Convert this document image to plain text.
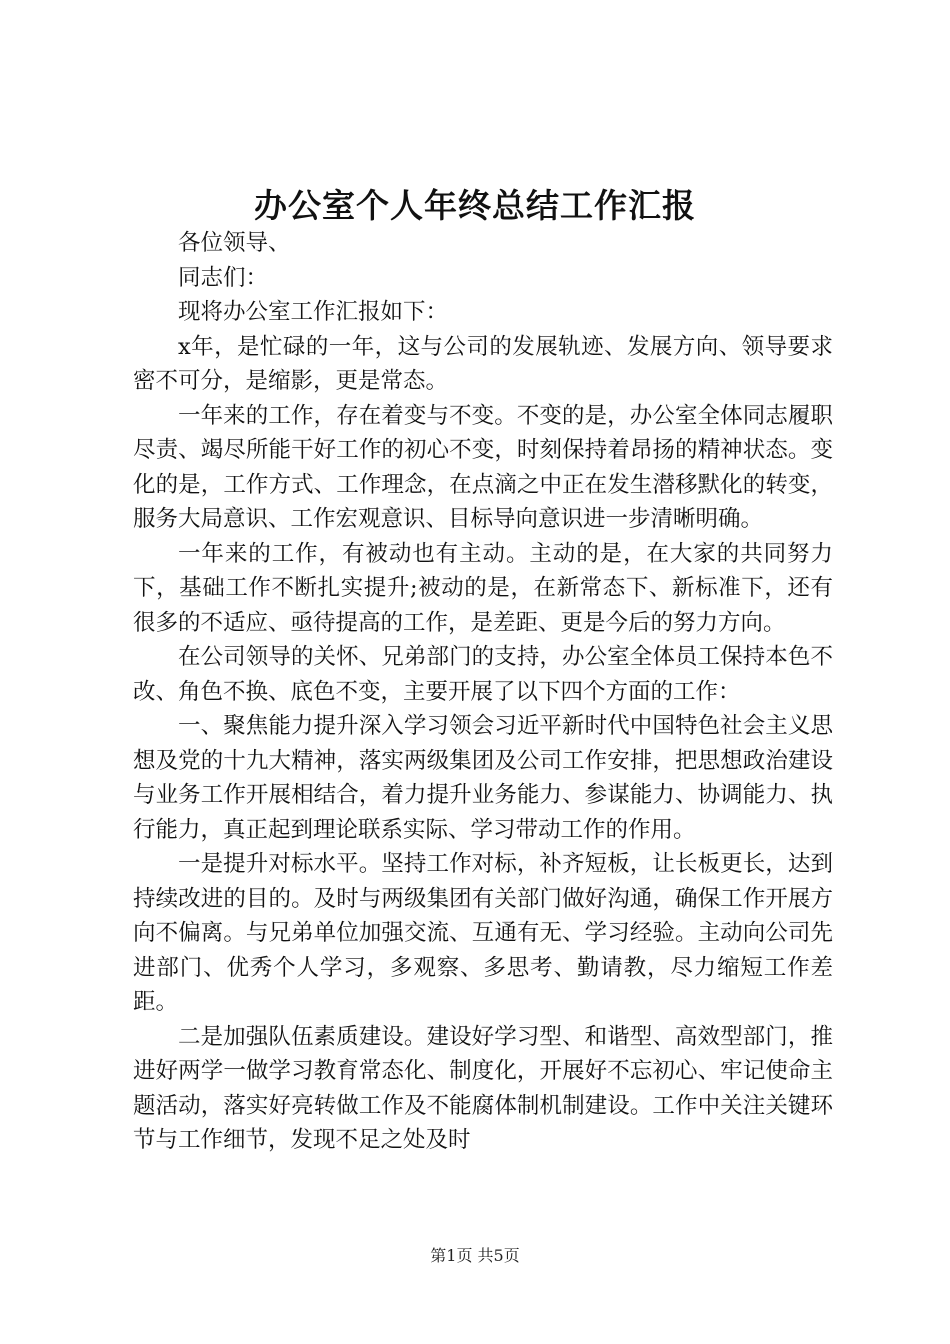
办公室个人年终总结工作汇报

各位领导、

同志们：

现将办公室工作汇报如下：

x年，是忙碌的一年，这与公司的发展轨迹、发展方向、领导要求密不可分，是缩影，更是常态。

一年来的工作，存在着变与不变。不变的是，办公室全体同志履职尽责、竭尽所能干好工作的初心不变，时刻保持着昂扬的精神状态。变化的是，工作方式、工作理念，在点滴之中正在发生潜移默化的转变，服务大局意识、工作宏观意识、目标导向意识进一步清晰明确。

一年来的工作，有被动也有主动。主动的是，在大家的共同努力下，基础工作不断扎实提升;被动的是，在新常态下、新标准下，还有很多的不适应、亟待提高的工作，是差距、更是今后的努力方向。

在公司领导的关怀、兄弟部门的支持，办公室全体员工保持本色不改、角色不换、底色不变，主要开展了以下四个方面的工作：

一、聚焦能力提升深入学习领会习近平新时代中国特色社会主义思想及党的十九大精神，落实两级集团及公司工作安排，把思想政治建设与业务工作开展相结合，着力提升业务能力、参谋能力、协调能力、执行能力，真正起到理论联系实际、学习带动工作的作用。

一是提升对标水平。坚持工作对标，补齐短板，让长板更长，达到持续改进的目的。及时与两级集团有关部门做好沟通，确保工作开展方向不偏离。与兄弟单位加强交流、互通有无、学习经验。主动向公司先进部门、优秀个人学习，多观察、多思考、勤请教，尽力缩短工作差距。

二是加强队伍素质建设。建设好学习型、和谐型、高效型部门，推进好两学一做学习教育常态化、制度化，开展好不忘初心、牢记使命主题活动，落实好亮转做工作及不能腐体制机制建设。工作中关注关键环节与工作细节，发现不足之处及时

第1页 共5页
